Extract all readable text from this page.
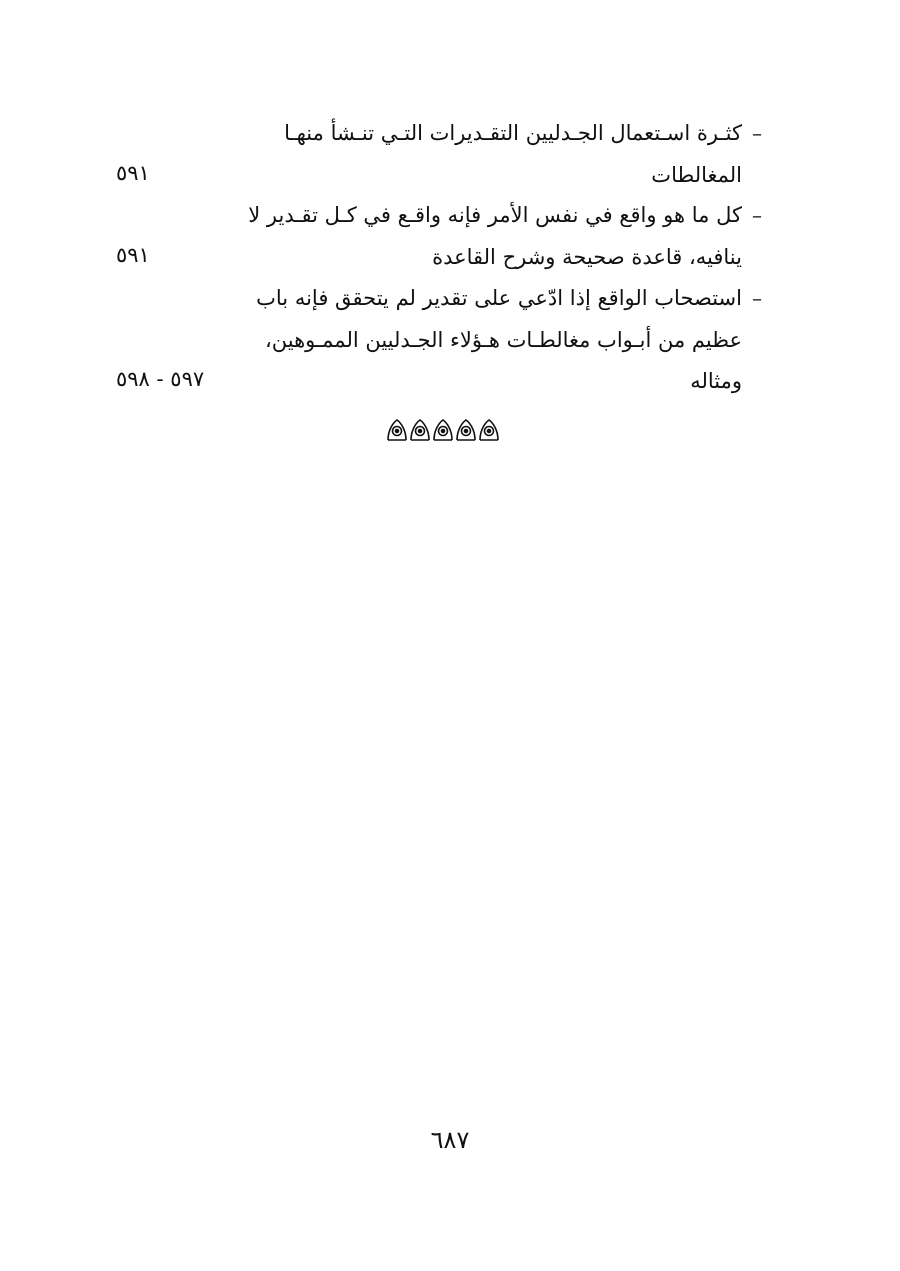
–
كثـرة اسـتعمال الجـدليين التقـديرات التـي تنـشأ منهـا
المغالطات
٥٩١
–
كل ما هو واقع في نفس الأمر فإنه واقـع في كـل تقـدير لا
ينافيه، قاعدة صحيحة وشرح القاعدة
٥٩١
–
استصحاب الواقع إذا ادّعي على تقدير لم يتحقق فإنه باب
عظيم من أبـواب مغالطـات هـؤلاء الجـدليين الممـوهين،
ومثاله
٥٩٧ - ٥٩٨
٦٨٧
